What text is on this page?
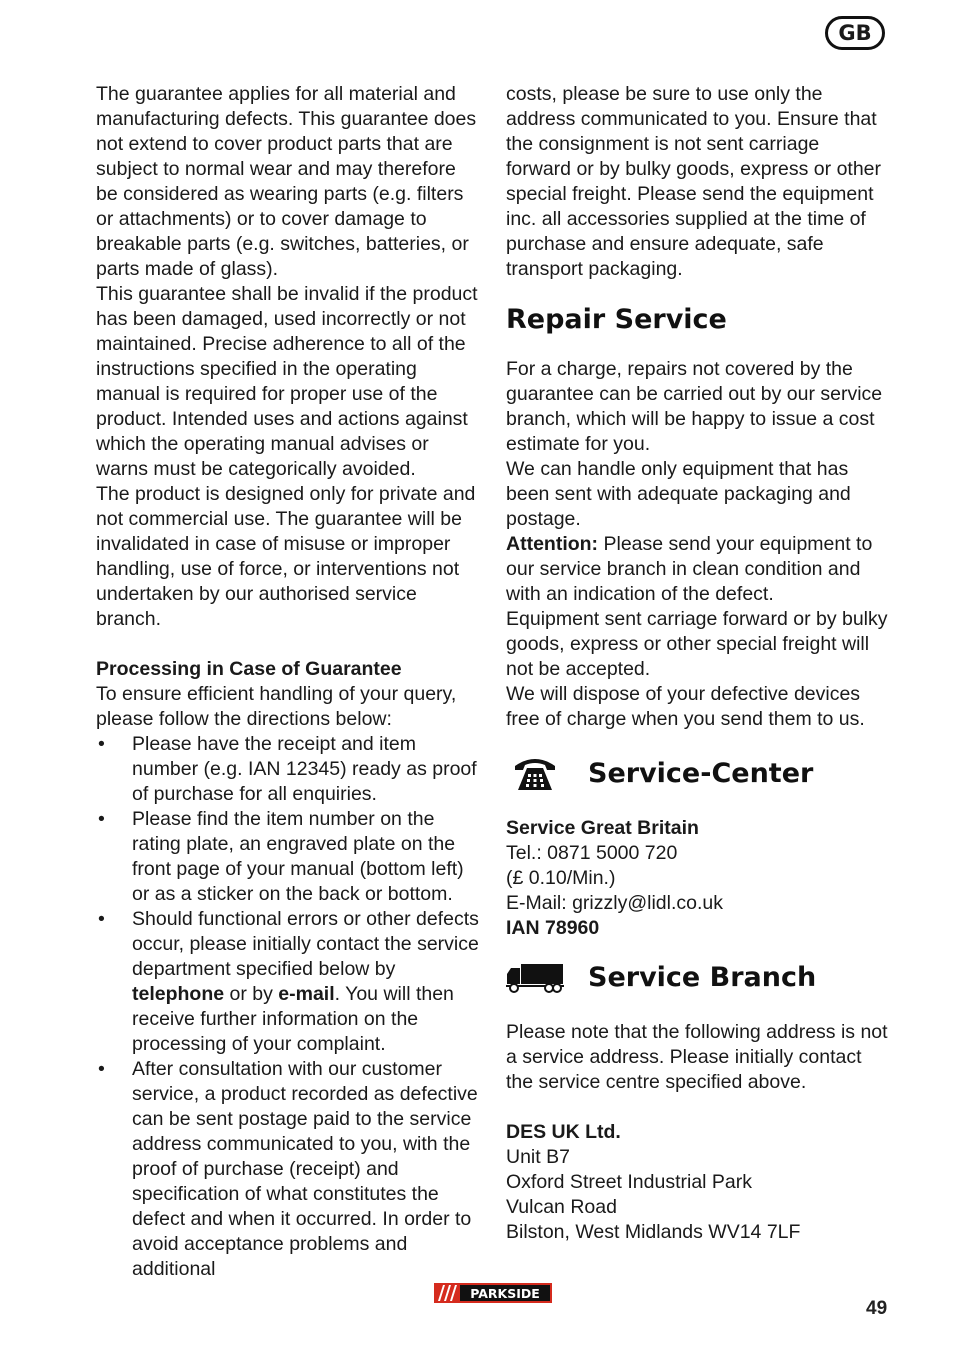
GB

The guarantee applies for all material and manufacturing defects. This guarantee does not extend to cover product parts that are subject to normal wear and may therefore be considered as wearing parts (e.g. filters or attachments) or to cover damage to breakable parts (e.g. switches, batteries, or parts made of glass).

This guarantee shall be invalid if the product has been damaged, used incorrectly or not maintained. Precise adherence to all of the instructions specified in the operating manual is required for proper use of the product. Intended uses and actions against which the operating manual advises or warns must be categorically avoided.

The product is designed only for private and not commercial use. The guarantee will be invalidated in case of misuse or improper handling, use of force, or interventions not undertaken by our authorised service branch.

Processing in Case of Guarantee

To ensure efficient handling of your query, please follow the directions below:

• Please have the receipt and item number (e.g. IAN 12345) ready as proof of purchase for all enquiries.
• Please find the item number on the rating plate, an engraved plate on the front page of your manual (bottom left) or as a sticker on the back or bottom.
• Should functional errors or other defects occur, please initially contact the service department specified below by telephone or by e-mail. You will then receive further information on the processing of your complaint.
• After consultation with our customer service, a product recorded as defective can be sent postage paid to the service address communicated to you, with the proof of purchase (receipt) and specification of what constitutes the defect and when it occurred. In order to avoid acceptance problems and additional

costs, please be sure to use only the address communicated to you. Ensure that the consignment is not sent carriage forward or by bulky goods, express or other special freight. Please send the equipment inc. all accessories supplied at the time of purchase and ensure adequate, safe transport packaging.

Repair Service

For a charge, repairs not covered by the guarantee can be carried out by our service branch, which will be happy to issue a cost estimate for you.

We can handle only equipment that has been sent with adequate packaging and postage.

Attention: Please send your equipment to our service branch in clean condition and with an indication of the defect.

Equipment sent carriage forward or by bulky goods, express or other special freight will not be accepted.

We will dispose of your defective devices free of charge when you send them to us.

Service-Center

Service Great Britain

Tel.: 0871 5000 720

(£ 0.10/Min.)

E-Mail: grizzly@lidl.co.uk

IAN 78960

Service Branch

Please note that the following address is not a service address. Please initially contact the service centre specified above.

DES UK Ltd.

Unit B7

Oxford Street Industrial Park

Vulcan Road

Bilston, West Midlands WV14 7LF

PARKSIDE
49
